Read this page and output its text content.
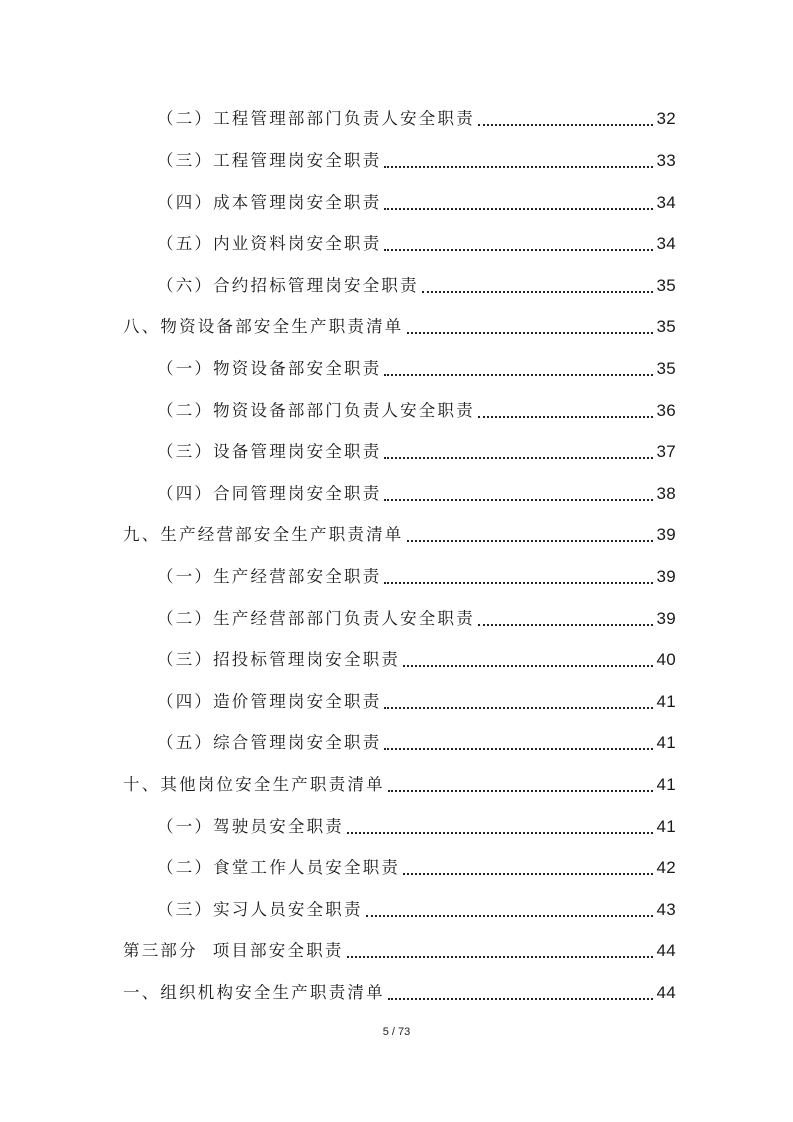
（二）工程管理部部门负责人安全职责	32
（三）工程管理岗安全职责	33
（四）成本管理岗安全职责	34
（五）内业资料岗安全职责	34
（六）合约招标管理岗安全职责	35
八、物资设备部安全生产职责清单	35
（一）物资设备部安全职责	35
（二）物资设备部部门负责人安全职责	36
（三）设备管理岗安全职责	37
（四）合同管理岗安全职责	38
九、生产经营部安全生产职责清单	39
（一）生产经营部安全职责	39
（二）生产经营部部门负责人安全职责	39
（三）招投标管理岗安全职责	40
（四）造价管理岗安全职责	41
（五）综合管理岗安全职责	41
十、其他岗位安全生产职责清单	41
（一）驾驶员安全职责	41
（二）食堂工作人员安全职责	42
（三）实习人员安全职责	43
第三部分  项目部安全职责	44
一、组织机构安全生产职责清单	44
5 / 73
